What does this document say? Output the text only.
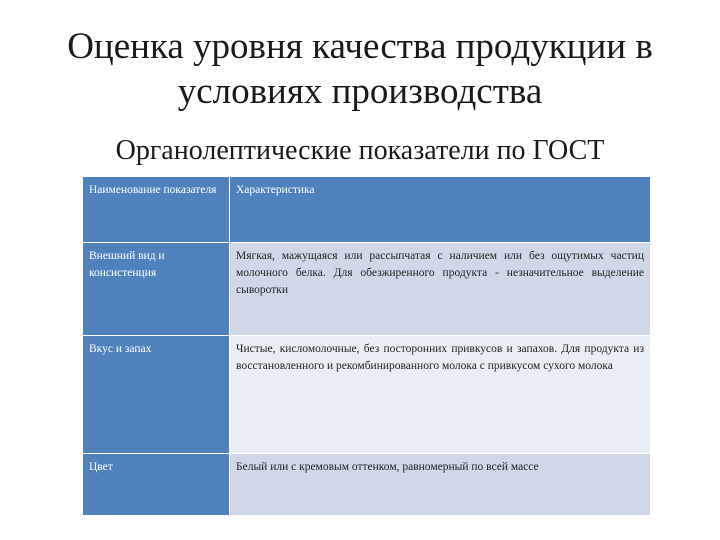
Оценка уровня качества продукции в
условиях производства
Органолептические показатели по ГОСТ
Наименование показателя	Характеристика
Внешний вид и консистенция	Мягкая, мажущаяся или рассыпчатая с наличием или без ощутимых частиц молочного белка. Для обезжиренного продукта - незначительное выделение сыворотки
Вкус и запах	Чистые, кисломолочные, без посторонних привкусов и запахов. Для продукта из восстановленного и рекомбинированного молока с привкусом сухого молока
Цвет	Белый или с кремовым оттенком, равномерный по всей массе
